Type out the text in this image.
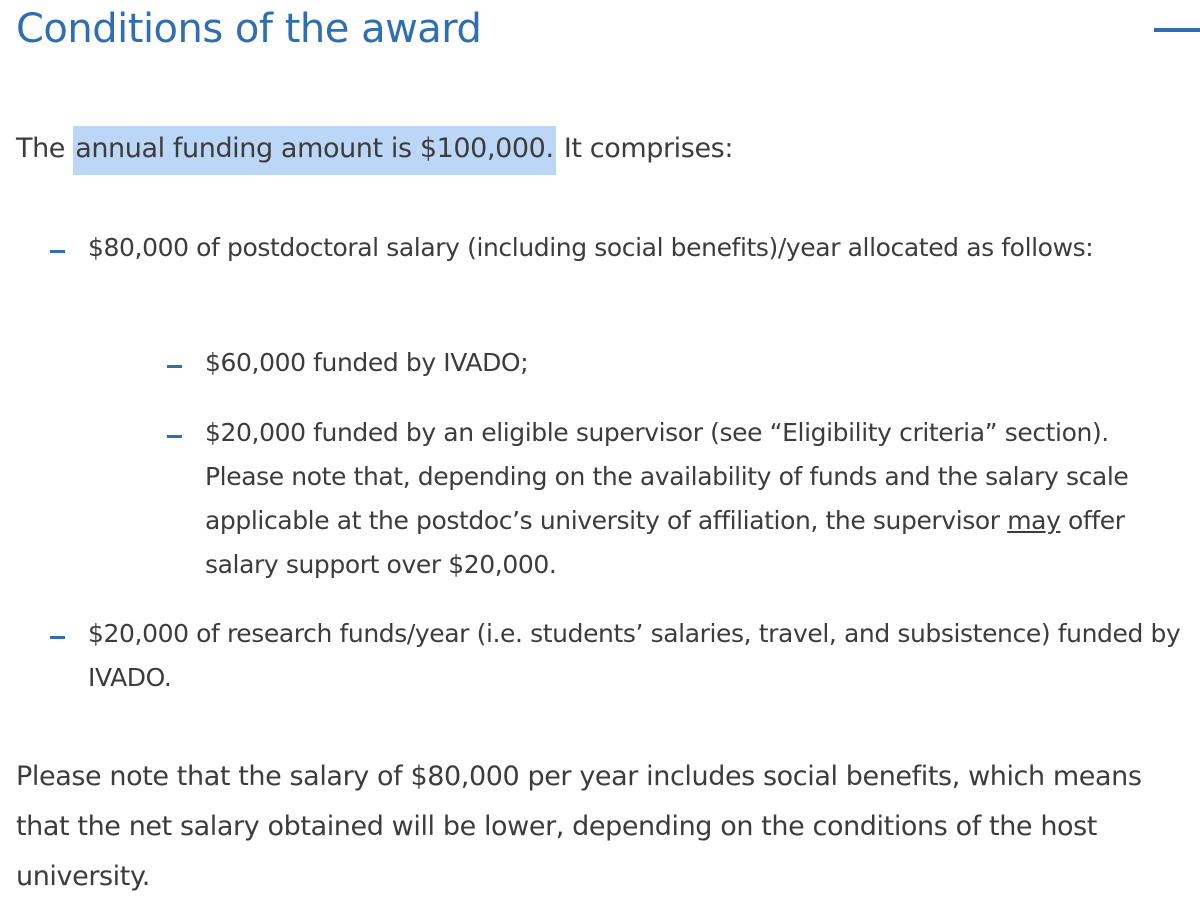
Conditions of the award

The annual funding amount is $100,000. It comprises:

$80,000 of postdoctoral salary (including social benefits)/year allocated as follows:
$60,000 funded by IVADO;
$20,000 funded by an eligible supervisor (see “Eligibility criteria” section). Please note that, depending on the availability of funds and the salary scale applicable at the postdoc’s university of affiliation, the supervisor may offer salary support over $20,000.
$20,000 of research funds/year (i.e. students’ salaries, travel, and subsistence) funded by IVADO.

Please note that the salary of $80,000 per year includes social benefits, which means that the net salary obtained will be lower, depending on the conditions of the host university.
